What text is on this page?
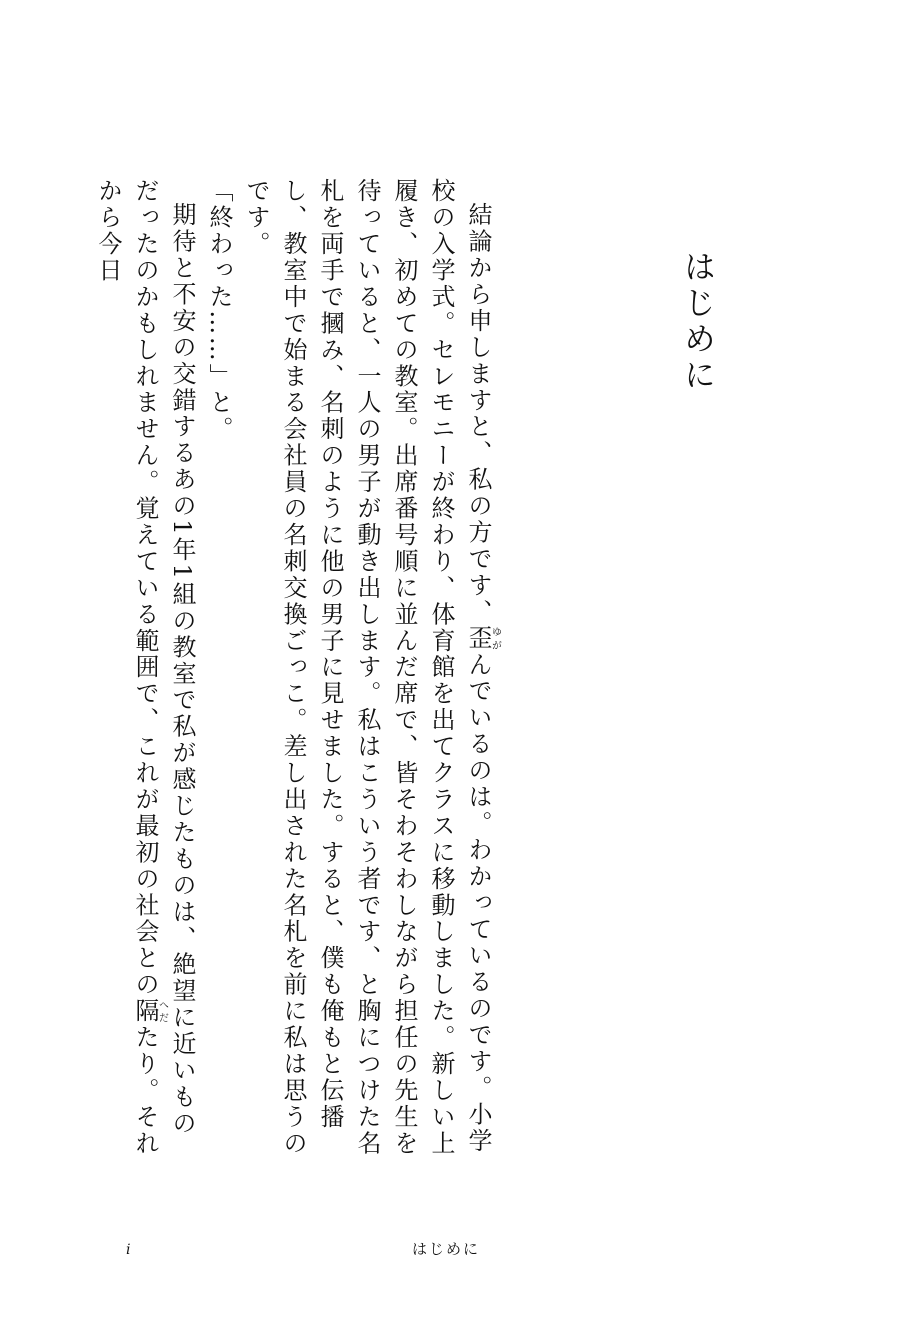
はじめに

結論から申しますと、私の方です、歪ゆがんでいるのは。わかっているのです。小学校の入学式。セレモニーが終わり、体育館を出てクラスに移動しました。新しい上履き、初めての教室。出席番号順に並んだ席で、皆そわそわしながら担任の先生を待っていると、一人の男子が動き出します。私はこういう者です、と胸につけた名札を両手で摑み、名刺のように他の男子に見せました。すると、僕も俺もと伝播し、教室中で始まる会社員の名刺交換ごっこ。差し出された名札を前に私は思うのです。

「終わった……」と。

期待と不安の交錯するあの1年1組の教室で私が感じたものは、絶望に近いものだったのかもしれません。覚えている範囲で、これが最初の社会との隔へだたり。それから今日

i	はじめに
